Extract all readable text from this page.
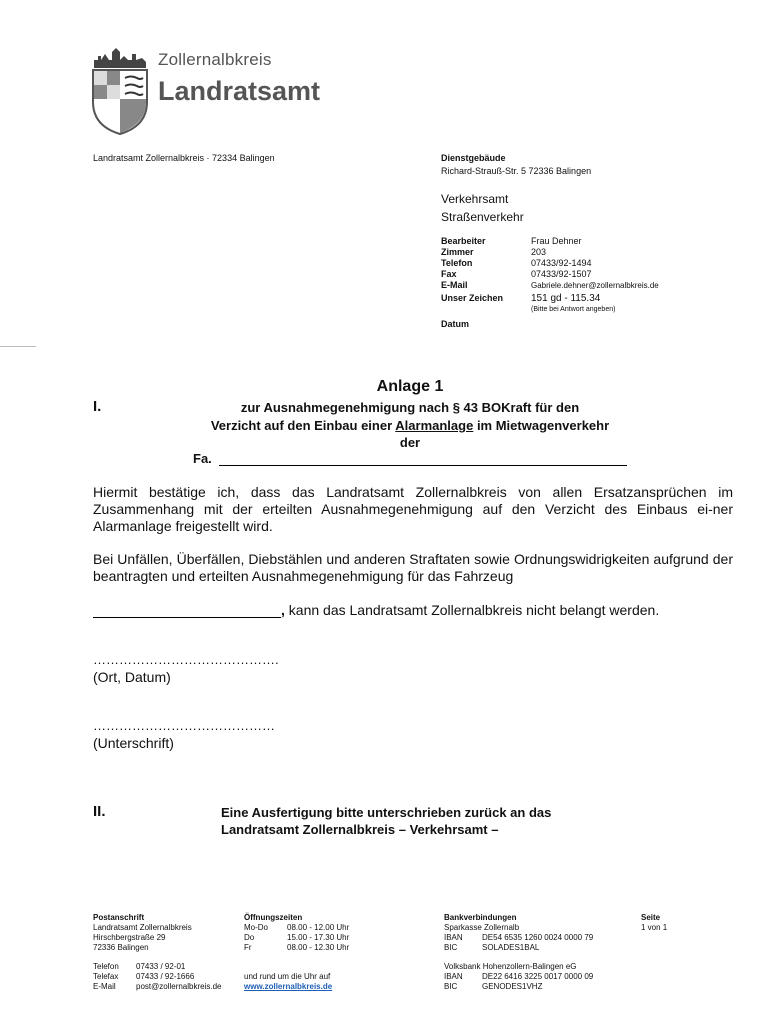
Zollernalbkreis
Landratsamt
Landratsamt Zollernalbkreis · 72334 Balingen	Dienstgebäude
Richard-Strauß-Str. 5 72336 Balingen
Verkehrsamt
Straßenverkehr
Bearbeiter	Frau Dehner
Zimmer	203
Telefon	07433/92-1494
Fax	07433/92-1507
E-Mail	Gabriele.dehner@zollernalbkreis.de
Unser Zeichen	151 gd - 115.34
(Bitte bei Antwort angeben)
Datum
Anlage 1
I.	zur Ausnahmegenehmigung nach § 43 BOKraft für den
Verzicht auf den Einbau einer Alarmanlage im Mietwagenverkehr
der
Fa.
Hiermit bestätige ich, dass das Landratsamt Zollernalbkreis von allen Ersatzansprüchen im Zusammenhang mit der erteilten Ausnahmegenehmigung auf den Verzicht des Einbaus ei-ner Alarmanlage freigestellt wird.
Bei Unfällen, Überfällen, Diebstählen und anderen Straftaten sowie Ordnungswidrigkeiten aufgrund der beantragten und erteilten Ausnahmegenehmigung für das Fahrzeug
, kann das Landratsamt Zollernalbkreis nicht belangt werden.
…………………………………….
(Ort, Datum)
……………………………………
(Unterschrift)
II.	Eine Ausfertigung bitte unterschrieben zurück an das
Landratsamt Zollernalbkreis – Verkehrsamt –
Postanschrift
Landratsamt Zollernalbkreis
Hirschbergstraße 29
72336 Balingen
Telefon	07433 / 92-01
Telefax	07433 / 92-1666
E-Mail	post@zollernalbkreis.de
Öffnungszeiten
Mo-Do	08.00 - 12.00 Uhr
Do	15.00 - 17.30 Uhr
Fr	08.00 - 12.30 Uhr
und rund um die Uhr auf
www.zollernalbkreis.de
Bankverbindungen
Sparkasse Zollernalb
IBAN	DE54 6535 1260 0024 0000 79
BIC	SOLADES1BAL
Volksbank Hohenzollern-Balingen eG
IBAN	DE22 6416 3225 0017 0000 09
BIC	GENODES1VHZ
Seite
1 von 1
